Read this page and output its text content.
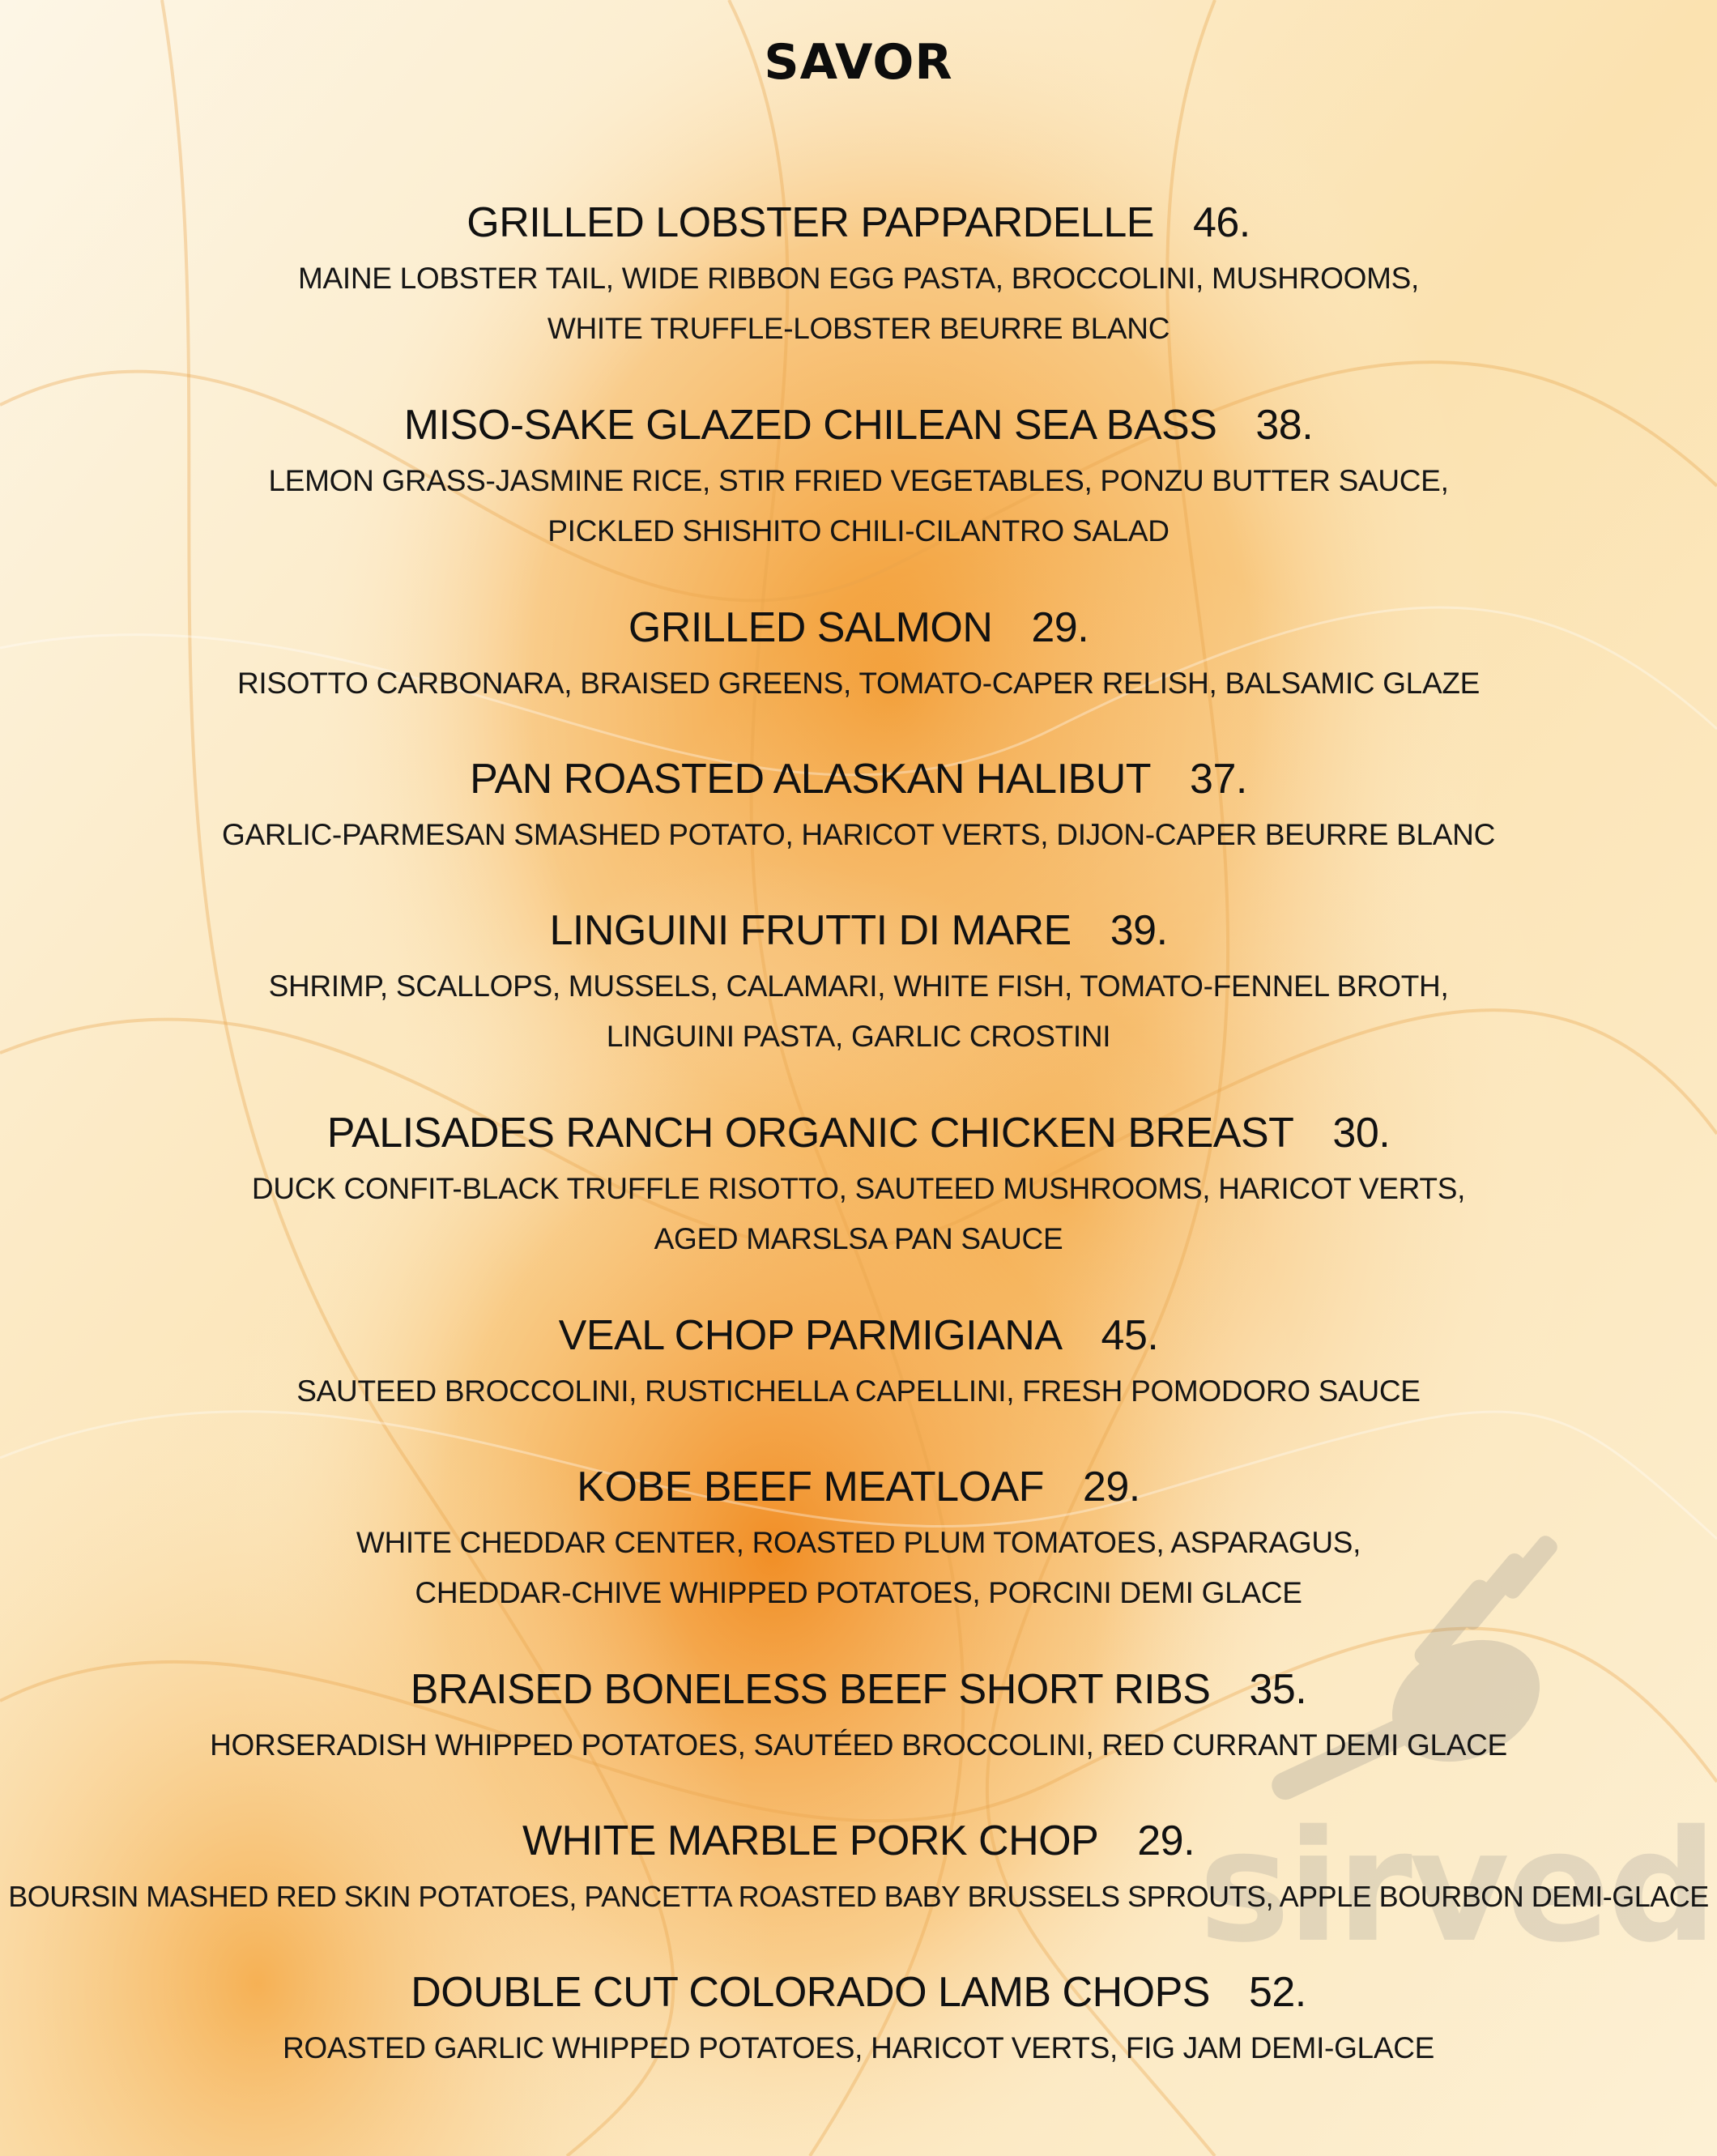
sirved
SAVOR
GRILLED LOBSTER PAPPARDELLE 46.
MAINE LOBSTER TAIL, WIDE RIBBON EGG PASTA, BROCCOLINI, MUSHROOMS,
WHITE TRUFFLE-LOBSTER BEURRE BLANC
MISO-SAKE GLAZED CHILEAN SEA BASS 38.
LEMON GRASS-JASMINE RICE, STIR FRIED VEGETABLES, PONZU BUTTER SAUCE,
PICKLED SHISHITO CHILI-CILANTRO SALAD
GRILLED SALMON 29.
RISOTTO CARBONARA, BRAISED GREENS, TOMATO-CAPER RELISH, BALSAMIC GLAZE
PAN ROASTED ALASKAN HALIBUT 37.
GARLIC-PARMESAN SMASHED POTATO, HARICOT VERTS, DIJON-CAPER BEURRE BLANC
LINGUINI FRUTTI DI MARE 39.
SHRIMP, SCALLOPS, MUSSELS, CALAMARI, WHITE FISH, TOMATO-FENNEL BROTH,
LINGUINI PASTA, GARLIC CROSTINI
PALISADES RANCH ORGANIC CHICKEN BREAST 30.
DUCK CONFIT-BLACK TRUFFLE RISOTTO, SAUTEED MUSHROOMS, HARICOT VERTS,
AGED MARSLSA PAN SAUCE
VEAL CHOP PARMIGIANA 45.
SAUTEED BROCCOLINI, RUSTICHELLA CAPELLINI, FRESH POMODORO SAUCE
KOBE BEEF MEATLOAF 29.
WHITE CHEDDAR CENTER, ROASTED PLUM TOMATOES, ASPARAGUS,
CHEDDAR-CHIVE WHIPPED POTATOES, PORCINI DEMI GLACE
BRAISED BONELESS BEEF SHORT RIBS 35.
HORSERADISH WHIPPED POTATOES, SAUTÉED BROCCOLINI, RED CURRANT DEMI GLACE
WHITE MARBLE PORK CHOP 29.
BOURSIN MASHED RED SKIN POTATOES, PANCETTA ROASTED BABY BRUSSELS SPROUTS, APPLE BOURBON DEMI-GLACE
DOUBLE CUT COLORADO LAMB CHOPS 52.
ROASTED GARLIC WHIPPED POTATOES, HARICOT VERTS, FIG JAM DEMI-GLACE
